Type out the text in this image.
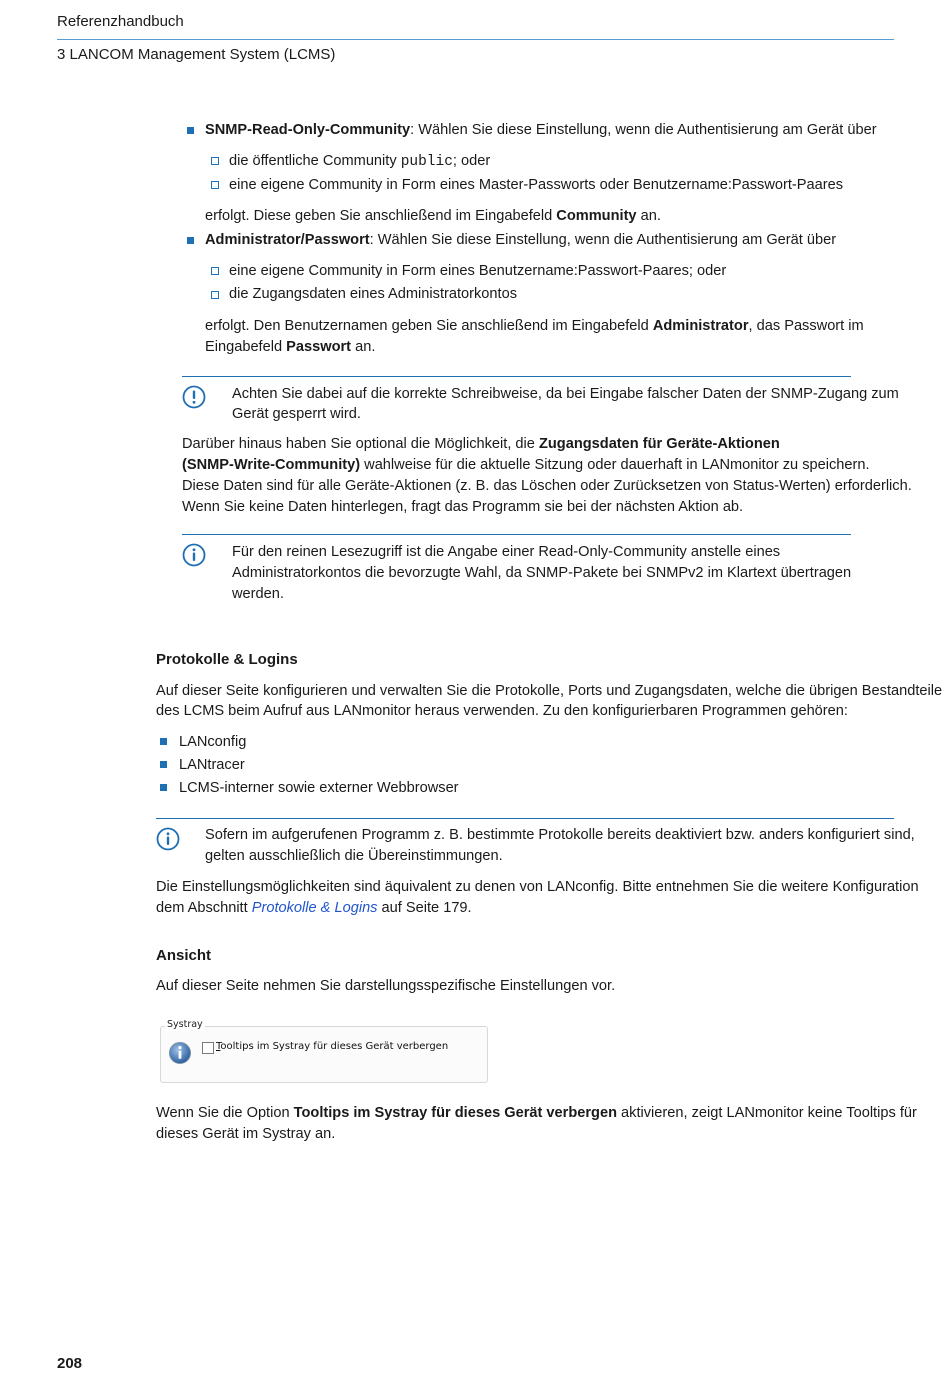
Referenzhandbuch
3 LANCOM Management System (LCMS)
SNMP-Read-Only-Community: Wählen Sie diese Einstellung, wenn die Authentisierung am Gerät über
die öffentliche Community public; oder
eine eigene Community in Form eines Master-Passworts oder Benutzername:Passwort-Paares
erfolgt. Diese geben Sie anschließend im Eingabefeld Community an.
Administrator/Passwort: Wählen Sie diese Einstellung, wenn die Authentisierung am Gerät über
eine eigene Community in Form eines Benutzername:Passwort-Paares; oder
die Zugangsdaten eines Administratorkontos
erfolgt. Den Benutzernamen geben Sie anschließend im Eingabefeld Administrator, das Passwort im
Eingabefeld Passwort an.
Achten Sie dabei auf die korrekte Schreibweise, da bei Eingabe falscher Daten der SNMP-Zugang zum
Gerät gesperrt wird.
Darüber hinaus haben Sie optional die Möglichkeit, die Zugangsdaten für Geräte-Aktionen
(SNMP-Write-Community) wahlweise für die aktuelle Sitzung oder dauerhaft in LANmonitor zu speichern.
Diese Daten sind für alle Geräte-Aktionen (z. B. das Löschen oder Zurücksetzen von Status-Werten) erforderlich.
Wenn Sie keine Daten hinterlegen, fragt das Programm sie bei der nächsten Aktion ab.
Für den reinen Lesezugriff ist die Angabe einer Read-Only-Community anstelle eines
Administratorkontos die bevorzugte Wahl, da SNMP-Pakete bei SNMPv2 im Klartext übertragen
werden.
Protokolle & Logins
Auf dieser Seite konfigurieren und verwalten Sie die Protokolle, Ports und Zugangsdaten, welche die übrigen Bestandteile
des LCMS beim Aufruf aus LANmonitor heraus verwenden. Zu den konfigurierbaren Programmen gehören:
LANconfig
LANtracer
LCMS-interner sowie externer Webbrowser
Sofern im aufgerufenen Programm z. B. bestimmte Protokolle bereits deaktiviert bzw. anders konfiguriert sind,
gelten ausschließlich die Übereinstimmungen.
Die Einstellungsmöglichkeiten sind äquivalent zu denen von LANconfig. Bitte entnehmen Sie die weitere Konfiguration
dem Abschnitt Protokolle & Logins auf Seite 179.
Ansicht
Auf dieser Seite nehmen Sie darstellungsspezifische Einstellungen vor.
Systray
Tooltips im Systray für dieses Gerät verbergen
Wenn Sie die Option Tooltips im Systray für dieses Gerät verbergen aktivieren, zeigt LANmonitor keine Tooltips für
dieses Gerät im Systray an.
208
